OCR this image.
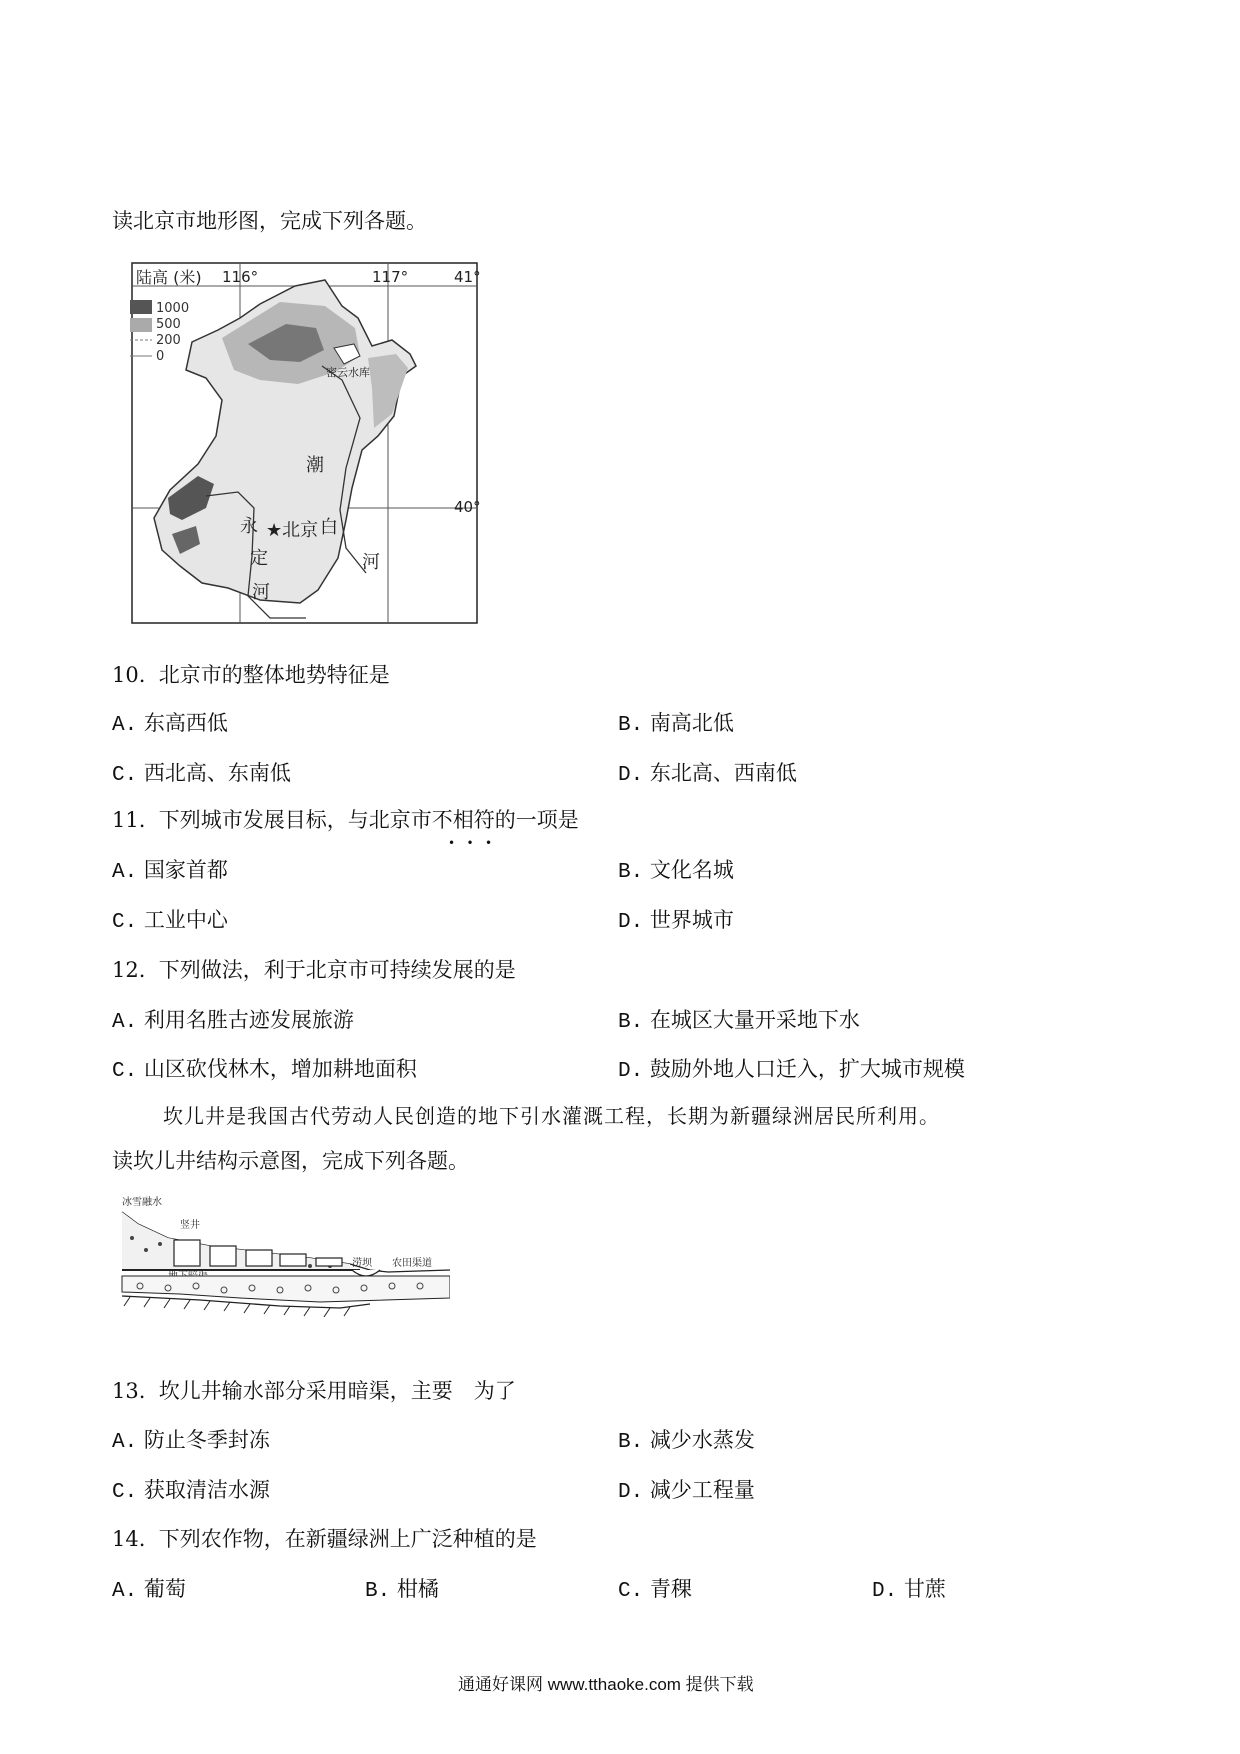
读北京市地形图，完成下列各题。
陆高 (米) 116°	117°	41°
40°
1000
500
200
0
密云水库
★北京
永
定
河
潮
白
河
10. 北京市的整体地势特征是
A. 东高西低	B. 南高北低
C. 西北高、东南低	D. 东北高、西南低
11. 下列城市发展目标，与北京市不相符的一项是
•   •   •
A. 国家首都	B. 文化名城
C. 工业中心	D. 世界城市
12. 下列做法，利于北京市可持续发展的是
A. 利用名胜古迹发展旅游	B. 在城区大量开采地下水
C. 山区砍伐林木，增加耕地面积	D. 鼓励外地人口迁入，扩大城市规模
坎儿井是我国古代劳动人民创造的地下引水灌溉工程，长期为新疆绿洲居民所利用。
读坎儿井结构示意图，完成下列各题。
冰雪融水
竖井
涝坝 农田渠道
13. 坎儿井输水部分采用暗渠，主要　为了
A. 防止冬季封冻	B. 减少水蒸发
C. 获取清洁水源	D. 减少工程量
14. 下列农作物，在新疆绿洲上广泛种植的是
A. 葡萄	B. 柑橘	C. 青稞	D. 甘蔗
通通好课网 www.tthaoke.com 提供下载
